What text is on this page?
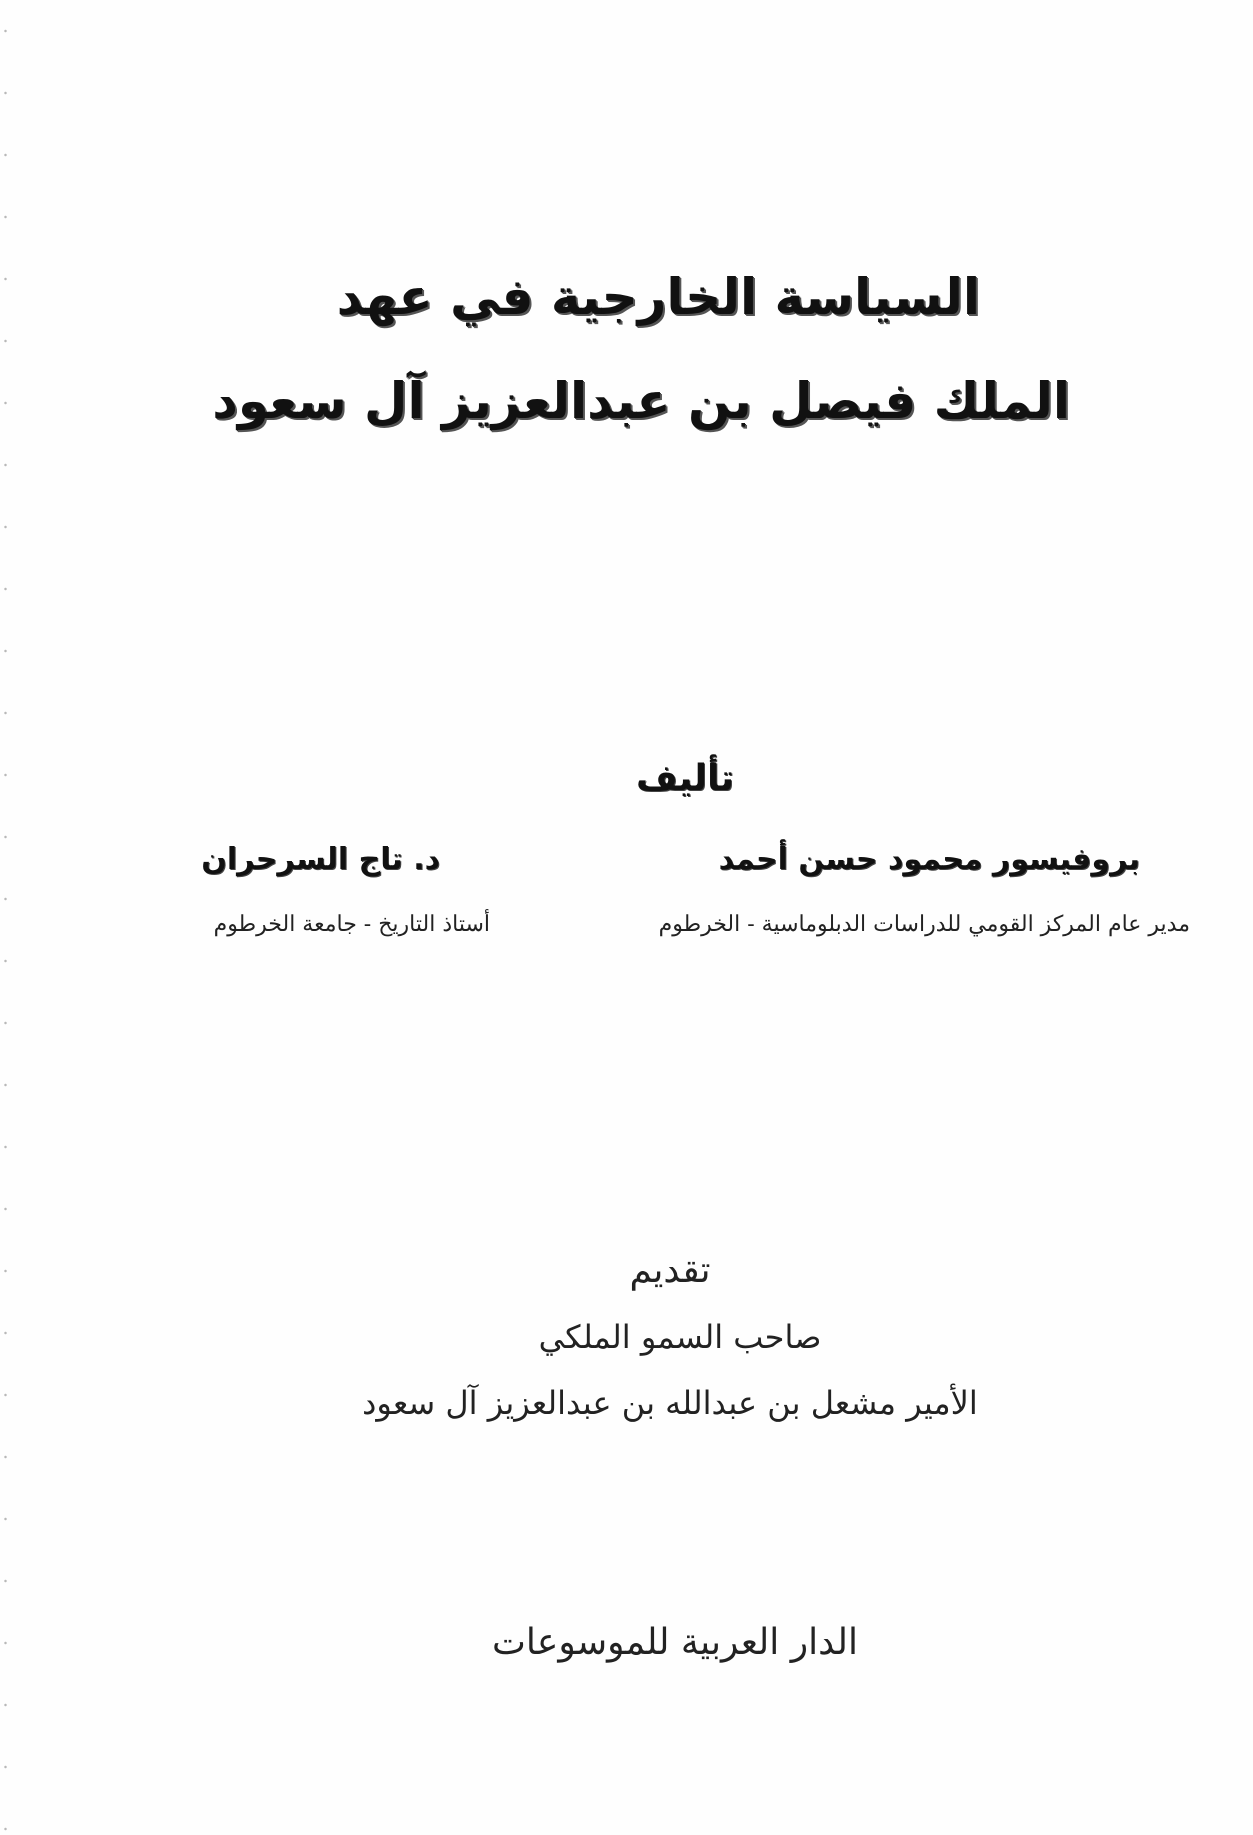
السياسة الخارجية في عهد
الملك فيصل بن عبدالعزيز آل سعود
تأليف
بروفيسور محمود حسن أحمد
مدير عام المركز القومي للدراسات الدبلوماسية - الخرطوم
د. تاج السرحران
أستاذ التاريخ - جامعة الخرطوم
تقديم
صاحب السمو الملكي
الأمير مشعل بن عبدالله بن عبدالعزيز آل سعود
الدار العربية للموسوعات
